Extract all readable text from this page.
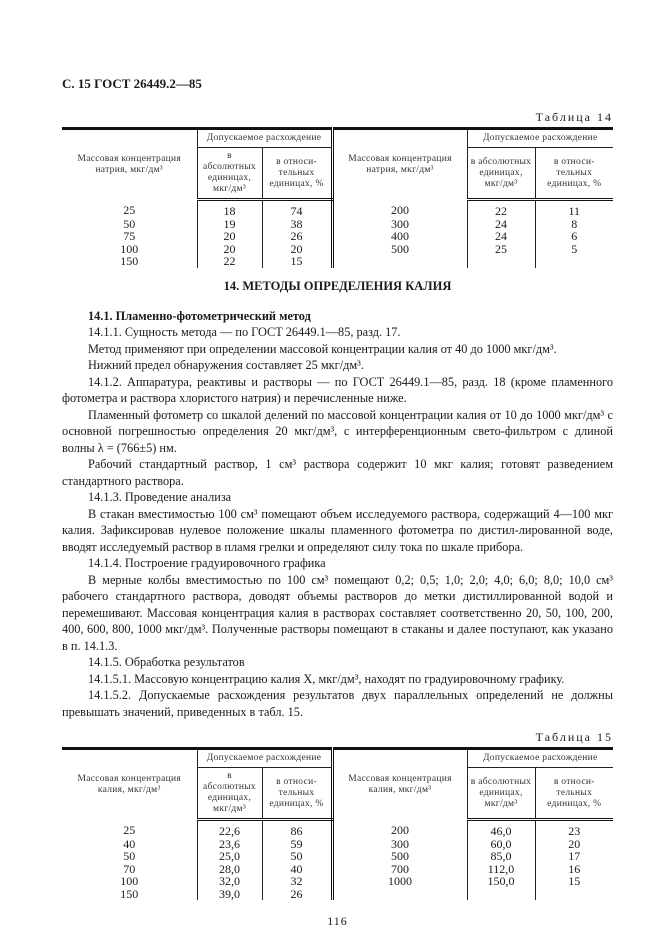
С. 15 ГОСТ 26449.2—85
Таблица 14
Массовая концентрация натрия, мкг/дм³	Допускаемое расхождение		Массовая концентрация натрия, мкг/дм³	Допускаемое расхождение	
	в абсолютных единицах, мкг/дм³	в относи-тельных единицах, %		в абсолютных единицах, мкг/дм³	в относи-тельных единицах, %
25	18	74	200	22	11
50	19	38	300	24	8
75	20	26	400	24	6
100	20	20	500	25	5
150	22	15			
14. МЕТОДЫ ОПРЕДЕЛЕНИЯ КАЛИЯ

14.1. Пламенно-фотометрический метод

14.1.1. Сущность метода — по ГОСТ 26449.1—85, разд. 17.

Метод применяют при определении массовой концентрации калия от 40 до 1000 мкг/дм³.

Нижний предел обнаружения составляет 25 мкг/дм³.

14.1.2. Аппаратура, реактивы и растворы — по ГОСТ 26449.1—85, разд. 18 (кроме пламенного фотометра и раствора хлористого натрия) и перечисленные ниже.

Пламенный фотометр со шкалой делений по массовой концентрации калия от 10 до 1000 мкг/дм³ с основной погрешностью определения 20 мкг/дм³, с интерференционным свето-фильтром с длиной волны λ = (766±5) нм.

Рабочий стандартный раствор, 1 см³ раствора содержит 10 мкг калия; готовят разведением стандартного раствора.

14.1.3. Проведение анализа

В стакан вместимостью 100 см³ помещают объем исследуемого раствора, содержащий 4—100 мкг калия. Зафиксировав нулевое положение шкалы пламенного фотометра по дистил-лированной воде, вводят исследуемый раствор в пламя грелки и определяют силу тока по шкале прибора.

14.1.4. Построение градуировочного графика

В мерные колбы вместимостью по 100 см³ помещают 0,2; 0,5; 1,0; 2,0; 4,0; 6,0; 8,0; 10,0 см³ рабочего стандартного раствора, доводят объемы растворов до метки дистиллированной водой и перемешивают. Массовая концентрация калия в растворах составляет соответственно 20, 50, 100, 200, 400, 600, 800, 1000 мкг/дм³. Полученные растворы помещают в стаканы и далее поступают, как указано в п. 14.1.3.

14.1.5. Обработка результатов

14.1.5.1. Массовую концентрацию калия X, мкг/дм³, находят по градуировочному графику.

14.1.5.2. Допускаемые расхождения результатов двух параллельных определений не должны превышать значений, приведенных в табл. 15.

Таблица 15
Массовая концентрация калия, мкг/дм³	Допускаемое расхождение		Массовая концентрация калия, мкг/дм³	Допускаемое расхождение	
	в абсолютных единицах, мкг/дм³	в относи-тельных единицах, %		в абсолютных единицах, мкг/дм³	в относи-тельных единицах, %
25	22,6	86	200	46,0	23
40	23,6	59	300	60,0	20
50	25,0	50	500	85,0	17
70	28,0	40	700	112,0	16
100	32,0	32	1000	150,0	15
150	39,0	26			
116
